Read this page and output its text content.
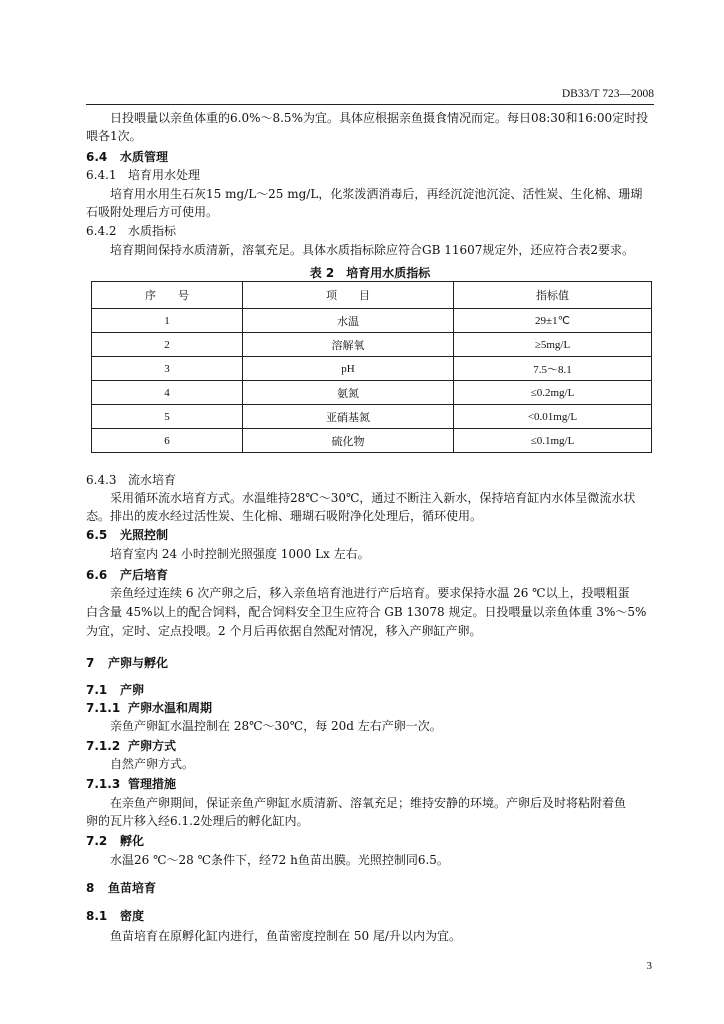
DB33/T 723—2008
日投喂量以亲鱼体重的6.0%～8.5%为宜。具体应根据亲鱼摄食情况而定。每日08:30和16:00定时投
喂各1次。
6.4 水质管理
6.4.1 培育用水处理
培育用水用生石灰15 mg/L～25 mg/L，化浆泼洒消毒后，再经沉淀池沉淀、活性炭、生化棉、珊瑚
石吸附处理后方可使用。
6.4.2 水质指标
培育期间保持水质清新，溶氧充足。具体水质指标除应符合GB 11607规定外，还应符合表2要求。
表 2　培育用水质指标
序　　号	项　　目	指标值
1	水温	29±1℃
2	溶解氧	≥5mg/L
3	pH	7.5～8.1
4	氨氮	≤0.2mg/L
5	亚硝基氮	<0.01mg/L
6	硫化物	≤0.1mg/L
6.4.3 流水培育
采用循环流水培育方式。水温维持28℃～30℃，通过不断注入新水，保持培育缸内水体呈微流水状
态。排出的废水经过活性炭、生化棉、珊瑚石吸附净化处理后，循环使用。
6.5 光照控制
培育室内 24 小时控制光照强度 1000 Lx 左右。
6.6 产后培育
亲鱼经过连续 6 次产卵之后，移入亲鱼培育池进行产后培育。要求保持水温 26 ℃以上，投喂粗蛋
白含量 45%以上的配合饲料，配合饲料安全卫生应符合 GB 13078 规定。日投喂量以亲鱼体重 3%～5%
为宜，定时、定点投喂。2 个月后再依据自然配对情况，移入产卵缸产卵。
7 产卵与孵化
7.1 产卵
7.1.1 产卵水温和周期
亲鱼产卵缸水温控制在 28℃～30℃，每 20d 左右产卵一次。
7.1.2 产卵方式
自然产卵方式。
7.1.3 管理措施
在亲鱼产卵期间，保证亲鱼产卵缸水质清新、溶氧充足；维持安静的环境。产卵后及时将粘附着鱼
卵的瓦片移入经6.1.2处理后的孵化缸内。
7.2 孵化
水温26 ℃～28 ℃条件下，经72 h鱼苗出膜。光照控制同6.5。
8 鱼苗培育
8.1 密度
鱼苗培育在原孵化缸内进行，鱼苗密度控制在 50 尾/升以内为宜。
3
